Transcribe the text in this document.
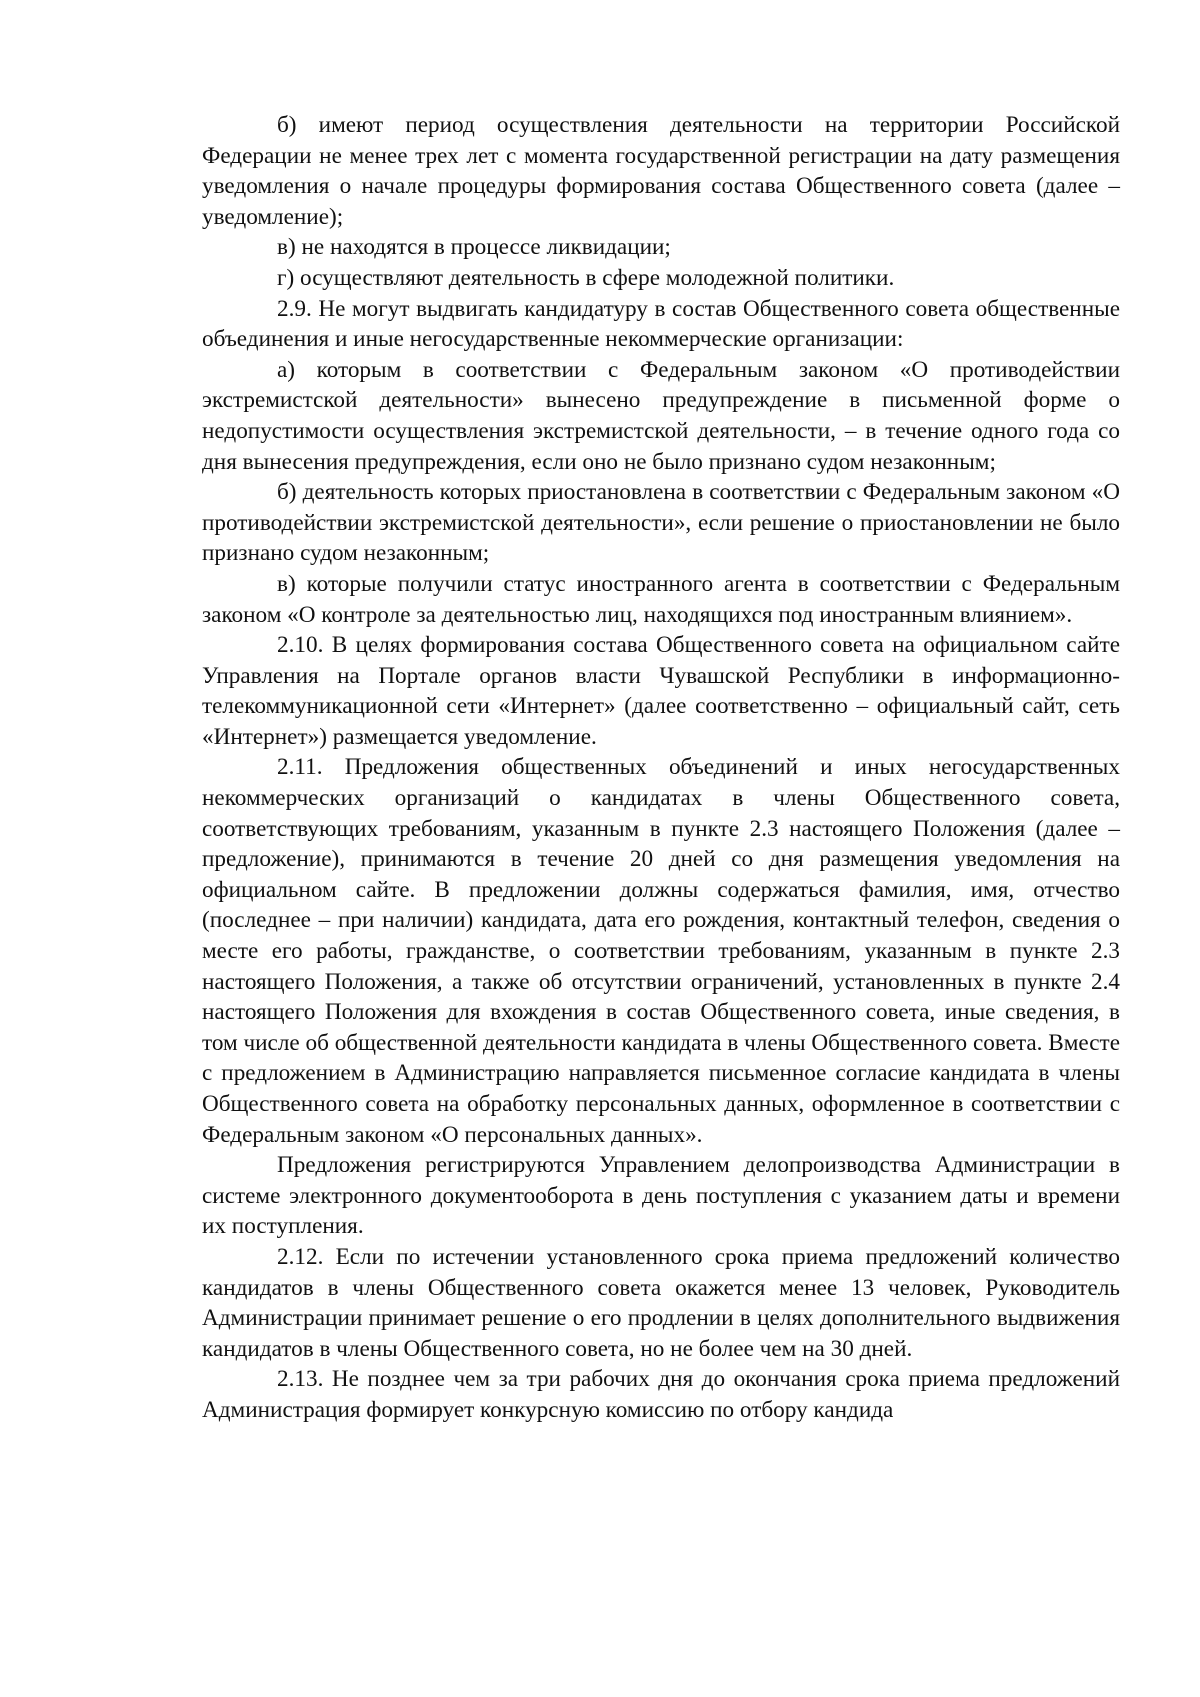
б) имеют период осуществления деятельности на территории Российской Федерации не менее трех лет с момента государственной регистрации на дату размещения уведомления о начале процедуры формирования состава Общественного совета (далее – уведомление);

в) не находятся в процессе ликвидации;

г) осуществляют деятельность в сфере молодежной политики.

2.9. Не могут выдвигать кандидатуру в состав Общественного совета общественные объединения и иные негосударственные некоммерческие организации:

а) которым в соответствии с Федеральным законом «О противодействии экстремистской деятельности» вынесено предупреждение в письменной форме о недопустимости осуществления экстремистской деятельности, – в течение одного года со дня вынесения предупреждения, если оно не было признано судом незаконным;

б) деятельность которых приостановлена в соответствии с Федеральным законом «О противодействии экстремистской деятельности», если решение о приостановлении не было признано судом незаконным;

в) которые получили статус иностранного агента в соответствии с Федеральным законом «О контроле за деятельностью лиц, находящихся под иностранным влиянием».

2.10. В целях формирования состава Общественного совета на официальном сайте Управления на Портале органов власти Чувашской Республики в информационно-телекоммуникационной сети «Интернет» (далее соответственно – официальный сайт, сеть «Интернет») размещается уведомление.

2.11. Предложения общественных объединений и иных негосударственных некоммерческих организаций о кандидатах в члены Общественного совета, соответствующих требованиям, указанным в пункте 2.3 настоящего Положения (далее – предложение), принимаются в течение 20 дней со дня размещения уведомления на официальном сайте. В предложении должны содержаться фамилия, имя, отчество (последнее – при наличии) кандидата, дата его рождения, контактный телефон, сведения о месте его работы, гражданстве, о соответствии требованиям, указанным в пункте 2.3 настоящего Положения, а также об отсутствии ограничений, установленных в пункте 2.4 настоящего Положения для вхождения в состав Общественного совета, иные сведения, в том числе об общественной деятельности кандидата в члены Общественного совета. Вместе с предложением в Администрацию направляется письменное согласие кандидата в члены Общественного совета на обработку персональных данных, оформленное в соответствии с Федеральным законом «О персональных данных».

Предложения регистрируются Управлением делопроизводства Администрации в системе электронного документооборота в день поступления с указанием даты и времени их поступления.

2.12. Если по истечении установленного срока приема предложений количество кандидатов в члены Общественного совета окажется менее 13 человек, Руководитель Администрации принимает решение о его продлении в целях дополнительного выдвижения кандидатов в члены Общественного совета, но не более чем на 30 дней.

2.13. Не позднее чем за три рабочих дня до окончания срока приема предложений Администрация формирует конкурсную комиссию по отбору кандида
